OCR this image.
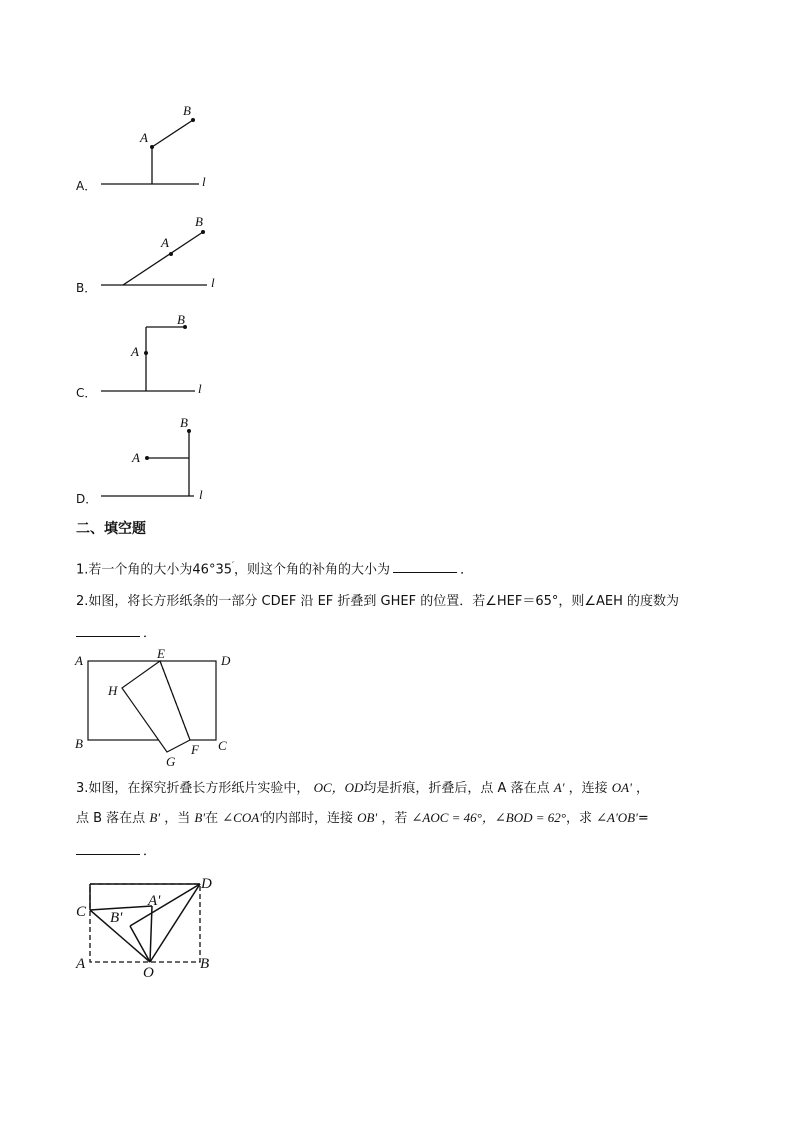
A．
A
B
l
B．
A
B
l
C．
A
B
l
D．
A
B
l
二、填空题
1.若一个角的大小为46°35′，则这个角的补角的大小为	．
2.如图，将长方形纸条的一部分 CDEF 沿 EF 折叠到 GHEF 的位置．若∠HEF＝65°，则∠AEH 的度数为
．
A	E	D
H
B	F C
G
3.如图，在探究折叠长方形纸片实验中， OC，OD均是折痕，折叠后，点 A 落在点 A' ，连接 OA' ，
点 B 落在点 B' ，当 B'在 ∠COA'的内部时，连接 OB' ，若 ∠AOC = 46°，∠BOD = 62°，求 ∠A'OB'=
．
C
D
A'
B'
A	B
O
